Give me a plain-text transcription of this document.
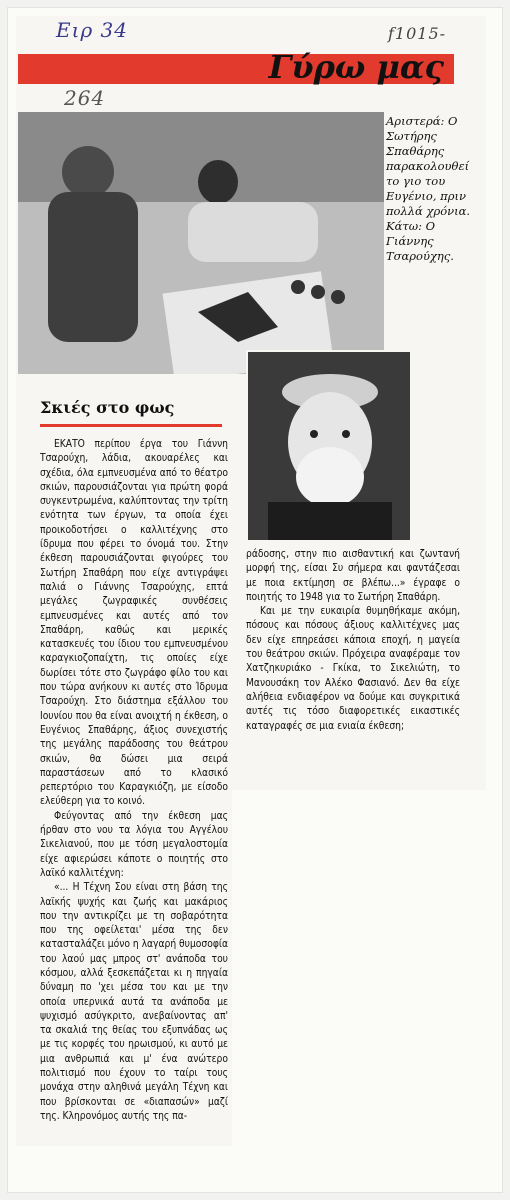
Ειρ 34
264
f1015-
Γύρω μας
Αριστερά: Ο Σωτήρης Σπαθάρης παρακολουθεί το γιο του Ευγένιο, πριν πολλά χρόνια. Κάτω: Ο Γιάννης Τσαρούχης.
Σκιές στο φως

ΕΚΑΤΟ περίπου έργα του Γιάννη Τσαρούχη, λάδια, ακουαρέλες και σχέδια, όλα εμπνευσμένα από το θέατρο σκιών, παρουσιάζονται για πρώτη φορά συγκεντρωμένα, καλύπτοντας την τρίτη ενότητα των έργων, τα οποία έχει προικοδοτήσει ο καλλιτέχνης στο ίδρυμα που φέρει το όνομά του. Στην έκθεση παρουσιάζονται φιγούρες του Σωτήρη Σπαθάρη που είχε αντιγράψει παλιά ο Γιάννης Τσαρούχης, επτά μεγάλες ζωγραφικές συνθέσεις εμπνευσμένες και αυτές από τον Σπαθάρη, καθώς και μερικές κατασκευές του ίδιου του εμπνευσμένου καραγκιοζοπαίχτη, τις οποίες είχε δωρίσει τότε στο ζωγράφο φίλο του και που τώρα ανήκουν κι αυτές στο Ίδρυμα Τσαρούχη. Στο διάστημα εξάλλου του Ιουνίου που θα είναι ανοιχτή η έκθεση, ο Ευγένιος Σπαθάρης, άξιος συνεχιστής της μεγάλης παράδοσης του θεάτρου σκιών, θα δώσει μια σειρά παραστάσεων από το κλασικό ρεπερτόριο του Καραγκιόζη, με είσοδο ελεύθερη για το κοινό.

Φεύγοντας από την έκθεση μας ήρθαν στο νου τα λόγια του Αγγέλου Σικελιανού, που με τόση μεγαλοστομία είχε αφιερώσει κάποτε ο ποιητής στο λαϊκό καλλιτέχνη:

«... Η Τέχνη Σου είναι στη βάση της λαϊκής ψυχής και ζωής και μακάριος που την αντικρίζει με τη σοβαρότητα που της οφείλεται' μέσα της δεν κατασταλάζει μόνο η λαγαρή θυμοσοφία του λαού μας μπρος στ' ανάποδα του κόσμου, αλλά ξεσκεπάζεται κι η πηγαία δύναμη πο 'χει μέσα του και με την οποία υπερνικά αυτά τα ανάποδα με ψυχισμό ασύγκριτο, ανεβαίνοντας απ' τα σκαλιά της θείας του εξυπνάδας ως με τις κορφές του ηρωισμού, κι αυτό με μια ανθρωπιά και μ' ένα ανώτερο πολιτισμό που έχουν το ταίρι τους μονάχα στην αληθινά μεγάλη Τέχνη και που βρίσκονται σε «διαπασών» μαζί της. Κληρονόμος αυτής της πα-

ράδοσης, στην πιο αισθαντική και ζωντανή μορφή της, είσαι Συ σήμερα και φαντάζεσαι με ποια εκτίμηση σε βλέπω...» έγραφε ο ποιητής το 1948 για το Σωτήρη Σπαθάρη.

Και με την ευκαιρία θυμηθήκαμε ακόμη, πόσους και πόσους άξιους καλλιτέχνες μας δεν είχε επηρεάσει κάποια εποχή, η μαγεία του θεάτρου σκιών. Πρόχειρα αναφέραμε τον Χατζηκυριάκο - Γκίκα, το Σικελιώτη, το Μανουσάκη τον Αλέκο Φασιανό. Δεν θα είχε αλήθεια ενδιαφέρον να δούμε και συγκριτικά αυτές τις τόσο διαφορετικές εικαστικές καταγραφές σε μια ενιαία έκθεση;
